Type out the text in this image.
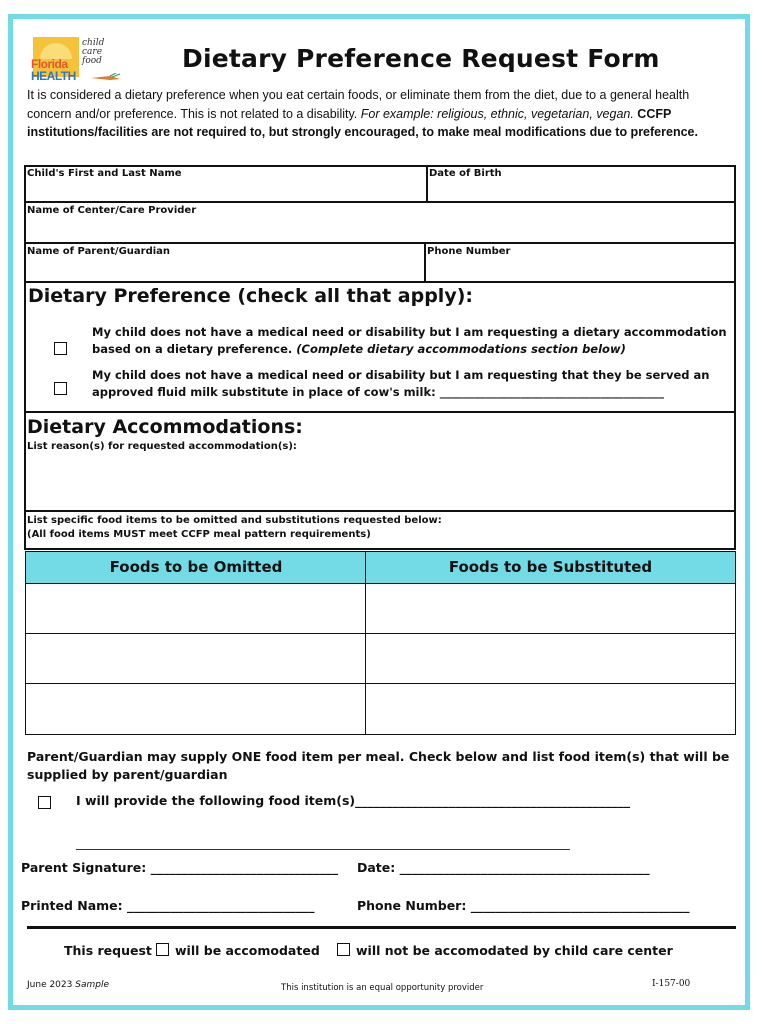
Florida
HEALTH
child
care
food	Dietary Preference Request Form

It is considered a dietary preference when you eat certain foods, or eliminate them from the diet, due to a general health concern and/or preference. This is not related to a disability. For example: religious, ethnic, vegetarian, vegan. CCFP institutions/facilities are not required to, but strongly encouraged, to make meal modifications due to preference.

Child's First and Last Name	Date of Birth
Name of Center/Care Provider
Name of Parent/Guardian	Phone Number
Dietary Preference (check all that apply):
My child does not have a medical need or disability but I am requesting a dietary accommodation
based on a dietary preference. (Complete dietary accommodations section below)
My child does not have a medical need or disability but I am requesting that they be served an
approved fluid milk substitute in place of cow's milk: _______________________________________
Dietary Accommodations:
List reason(s) for requested accommodation(s):
List specific food items to be omitted and substitutions requested below:
(All food items MUST meet CCFP meal pattern requirements)
Foods to be Omitted	Foods to be Substituted
Parent/Guardian may supply ONE food item per meal. Check below and list food item(s) that will be
supplied by parent/guardian
I will provide the following food item(s)____________________________________________
_______________________________________________________________________________
Parent Signature: ______________________________ Date: ________________________________________
Printed Name: ______________________________	Phone Number: ___________________________________
This request will be accomodated	will not be accomodated by child care center
June 2023 Sample	This institution is an equal opportunity provider	I-157-00
